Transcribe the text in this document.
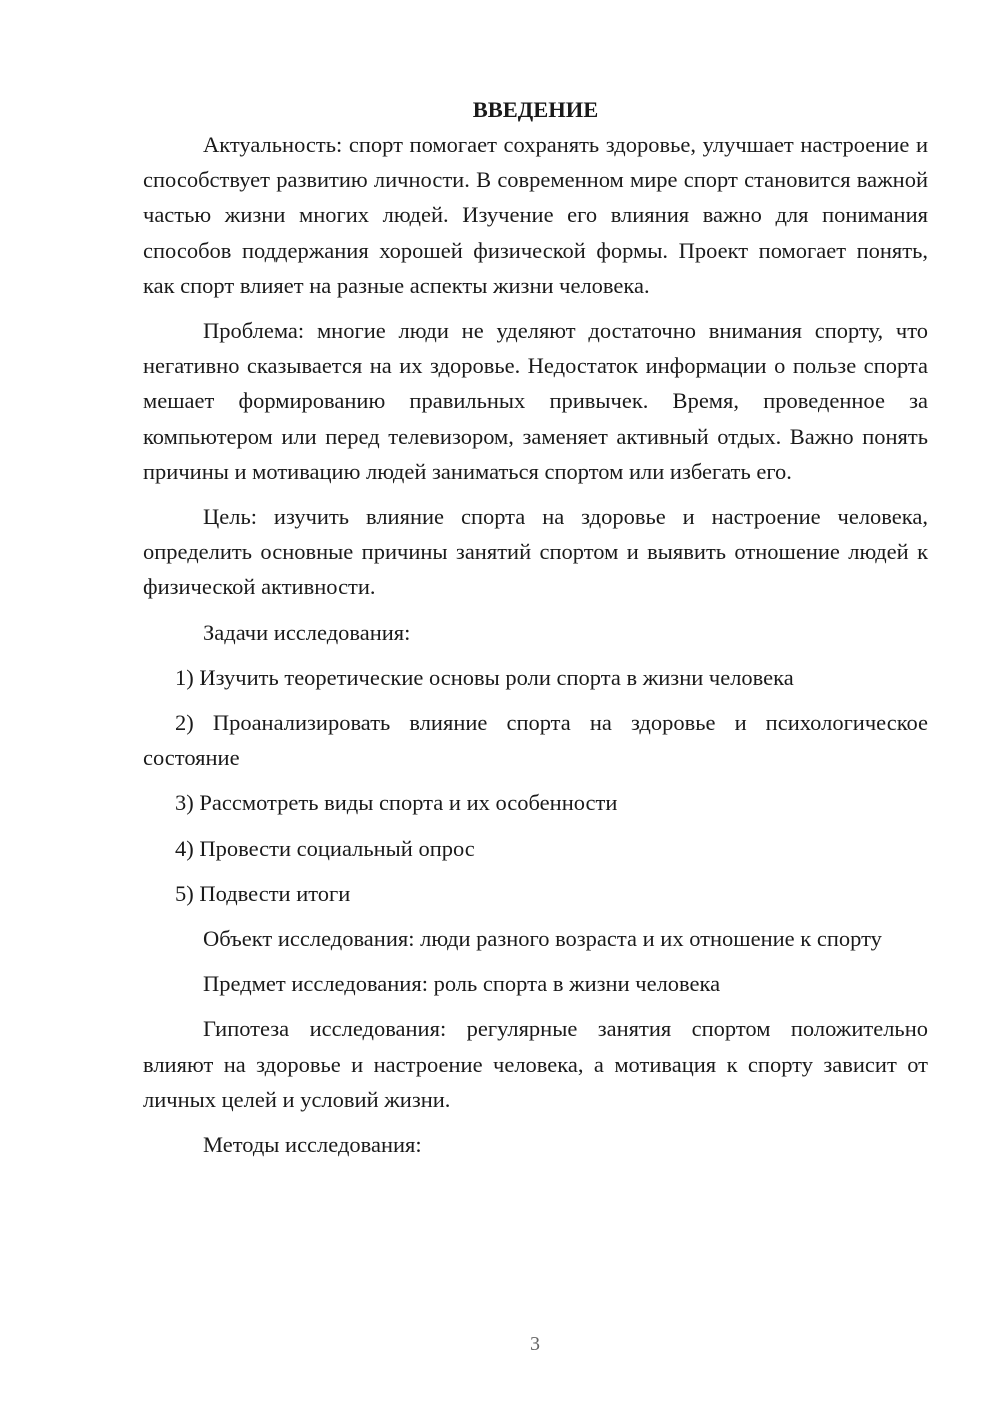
ВВЕДЕНИЕ

Актуальность: спорт помогает сохранять здоровье, улучшает настроение и способствует развитию личности. В современном мире спорт становится важной частью жизни многих людей. Изучение его влияния важно для понимания способов поддержания хорошей физической формы. Проект помогает понять, как спорт влияет на разные аспекты жизни человека.

Проблема: многие люди не уделяют достаточно внимания спорту, что негативно сказывается на их здоровье. Недостаток информации о пользе спорта мешает формированию правильных привычек. Время, проведенное за компьютером или перед телевизором, заменяет активный отдых. Важно понять причины и мотивацию людей заниматься спортом или избегать его.

Цель: изучить влияние спорта на здоровье и настроение человека, определить основные причины занятий спортом и выявить отношение людей к физической активности.

Задачи исследования:

1) Изучить теоретические основы роли спорта в жизни человека

2) Проанализировать влияние спорта на здоровье и психологическое состояние

3) Рассмотреть виды спорта и их особенности

4) Провести социальный опрос

5) Подвести итоги

Объект исследования: люди разного возраста и их отношение к спорту

Предмет исследования: роль спорта в жизни человека

Гипотеза исследования: регулярные занятия спортом положительно влияют на здоровье и настроение человека, а мотивация к спорту зависит от личных целей и условий жизни.

Методы исследования:

3
